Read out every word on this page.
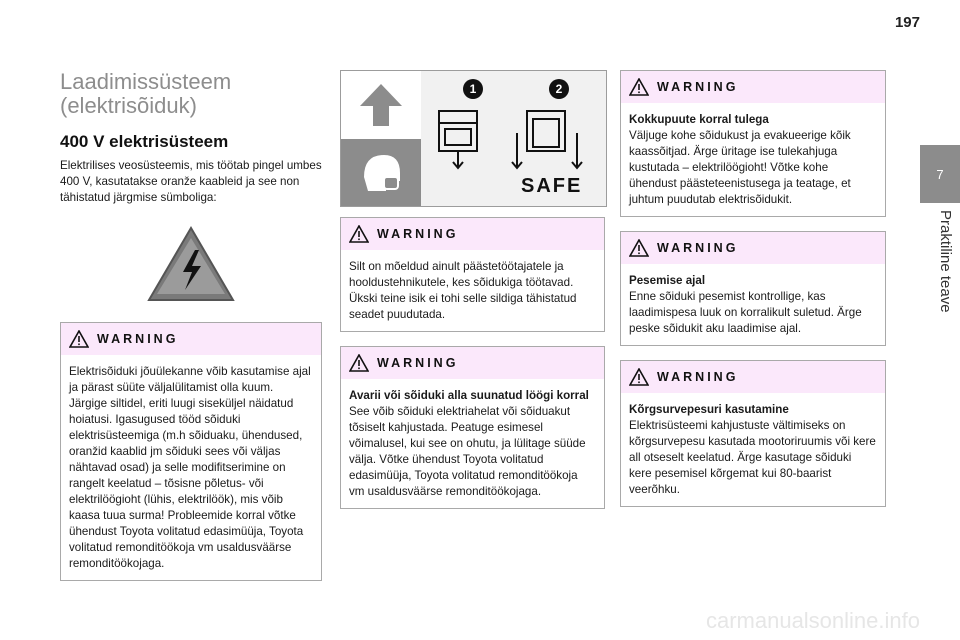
197
7
Praktiline teave
Laadimissüsteem
(elektrisõiduk)
400 V elektrisüsteem

Elektrilises veosüsteemis, mis töötab pingel umbes 400 V, kasutatakse oranže kaableid ja see non tähistatud järgmise sümboliga:

WARNING

Elektrisõiduki jõuülekanne võib kasutamise ajal ja pärast süüte väljalülitamist olla kuum. Järgige siltidel, eriti luugi siseküljel näidatud hoiatusi. Igasugused tööd sõiduki elektrisüsteemiga (m.h sõiduaku, ühendused, oranžid kaablid jm sõiduki sees või väljas nähtavad osad) ja selle modifitserimine on rangelt keelatud – tõsisne põletus- või elektrilöögioht (lühis, elektrilöök), mis võib kaasa tuua surma! Probleemide korral võtke ühendust Toyota volitatud edasimüüja, Toyota volitatud remonditöökoja vm usaldusväärse remonditöökojaga.

1	2
SAFE
WARNING

Silt on mõeldud ainult päästetöötajatele ja hooldustehnikutele, kes sõidukiga töötavad. Ükski teine isik ei tohi selle sildiga tähistatud seadet puudutada.

WARNING

Avarii või sõiduki alla suunatud löögi korral

See võib sõiduki elektriahelat või sõiduakut tõsiselt kahjustada. Peatuge esimesel võimalusel, kui see on ohutu, ja lülitage süüde välja. Võtke ühendust Toyota volitatud edasimüüja, Toyota volitatud remonditöökoja vm usaldusväärse remonditöökojaga.

WARNING

Kokkupuute korral tulega

Väljuge kohe sõidukust ja evakueerige kõik kaassõitjad. Ärge üritage ise tulekahjuga kustutada – elektrilöögioht! Võtke kohe ühendust päästeteenistusega ja teatage, et juhtum puudutab elektrisõidukit.

WARNING

Pesemise ajal

Enne sõiduki pesemist kontrollige, kas laadimispesa luuk on korralikult suletud. Ärge peske sõidukit aku laadimise ajal.

WARNING

Kõrgsurvepesuri kasutamine

Elektrisüsteemi kahjustuste vältimiseks on kõrgsurvepesu kasutada mootoriruumis või kere all otseselt keelatud. Ärge kasutage sõiduki kere pesemisel kõrgemat kui 80-baarist veerõhku.

carmanualsonline.info
